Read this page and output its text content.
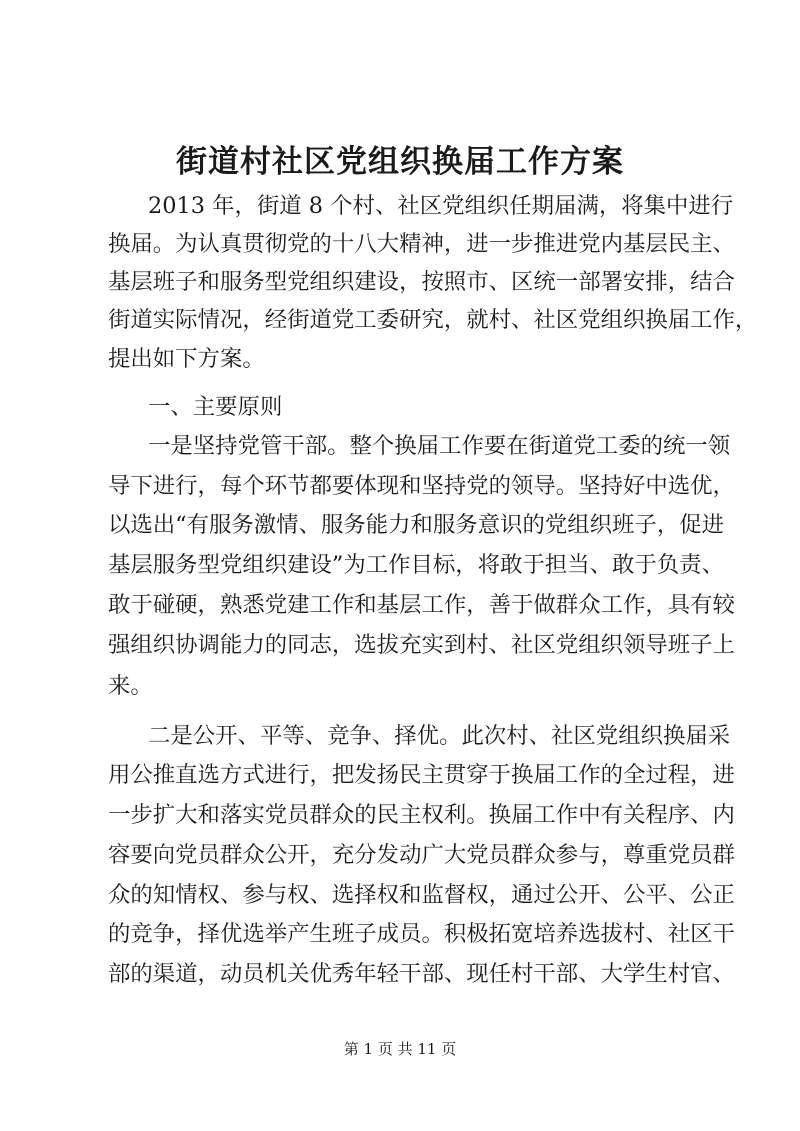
街道村社区党组织换届工作方案
2013 年，街道 8 个村、社区党组织任期届满，将集中进行
换届。为认真贯彻党的十八大精神，进一步推进党内基层民主、
基层班子和服务型党组织建设，按照市、区统一部署安排，结合
街道实际情况，经街道党工委研究，就村、社区党组织换届工作，
提出如下方案。
一、主要原则
一是坚持党管干部。整个换届工作要在街道党工委的统一领
导下进行，每个环节都要体现和坚持党的领导。坚持好中选优，
以选出“有服务激情、服务能力和服务意识的党组织班子，促进
基层服务型党组织建设”为工作目标，将敢于担当、敢于负责、
敢于碰硬，熟悉党建工作和基层工作，善于做群众工作，具有较
强组织协调能力的同志，选拔充实到村、社区党组织领导班子上
来。
二是公开、平等、竞争、择优。此次村、社区党组织换届采
用公推直选方式进行，把发扬民主贯穿于换届工作的全过程，进
一步扩大和落实党员群众的民主权利。换届工作中有关程序、内
容要向党员群众公开，充分发动广大党员群众参与，尊重党员群
众的知情权、参与权、选择权和监督权，通过公开、公平、公正
的竞争，择优选举产生班子成员。积极拓宽培养选拔村、社区干
部的渠道，动员机关优秀年轻干部、现任村干部、大学生村官、
第 1 页 共 11 页
